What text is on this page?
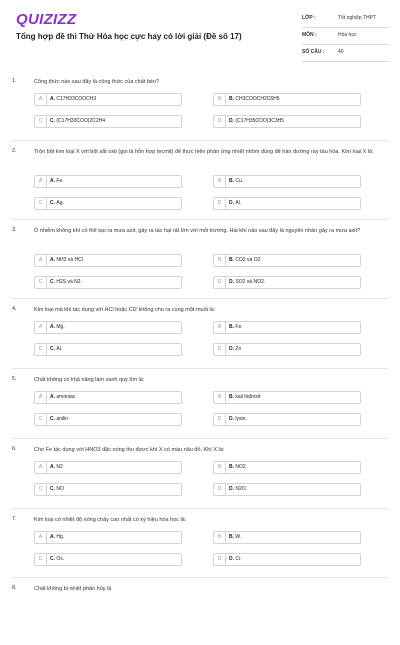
QUIZIZZ
Tổng hợp đề thi Thử Hóa học cực hay có lời giải (Đề số 17)
LỚP :	Tốt nghiệp THPT
MÔN :	Hóa học
SỐ CÂU :	40
1.	Công thức nào sau đây là công thức của chất béo?
A	A. C17H33COOCH3	B	B. CH3COOCH2C6H5
C	C. (C17H33COO)2C2H4	D	D. (C17H35COO)3C3H5
2.	Trộn bột kim loại X với bột sắt oxit (gọi là hỗn hợp tecmit) để thực hiện phản ứng nhiệt nhôm dùng để hàn đường ray tàu hỏa. Kim loại X là:
A	A. Fe.	B	B. Cu.
C	C. Ag.	D	D. Al.
3.	Ô nhiễm không khí có thể tạo ra mưa axit, gây ra tác hại rất lớn với môi trường. Hai khí nào sau đây là nguyên nhân gây ra mưa axit?
A	A. NH3 và HCl	B	B. CO2 và O2
C	C. H2S và N2.	D	D. SO2 và NO2.
4.	Kim loại mà khi tác dụng với HCl hoặc Cl2 không cho ra cùng một muối là:
A	A. Mg.	B	B. Fe.
C	C. Al.	D	D. Zn
5.	Chất không có khả năng làm xanh quỳ tím là:
A	A. amoniac	B	B. kali hiđroxit
C	C. anilin	D	D. lysin.
6.	Cho Fe tác dụng với HNO3 đặc nóng thu được khí X có màu nâu đỏ. Khí X là:
A	A. N2	B	B. NO2.
C	C. NO	D	D. N2O.
7.	Kim loại có nhiệt độ nóng chảy cao nhất có ký hiệu hóa học là:
A	A. Hg.	B	B. W.
C	C. Os.	D	D. Cr.
8.	Chất không bị nhiệt phân hủy là
